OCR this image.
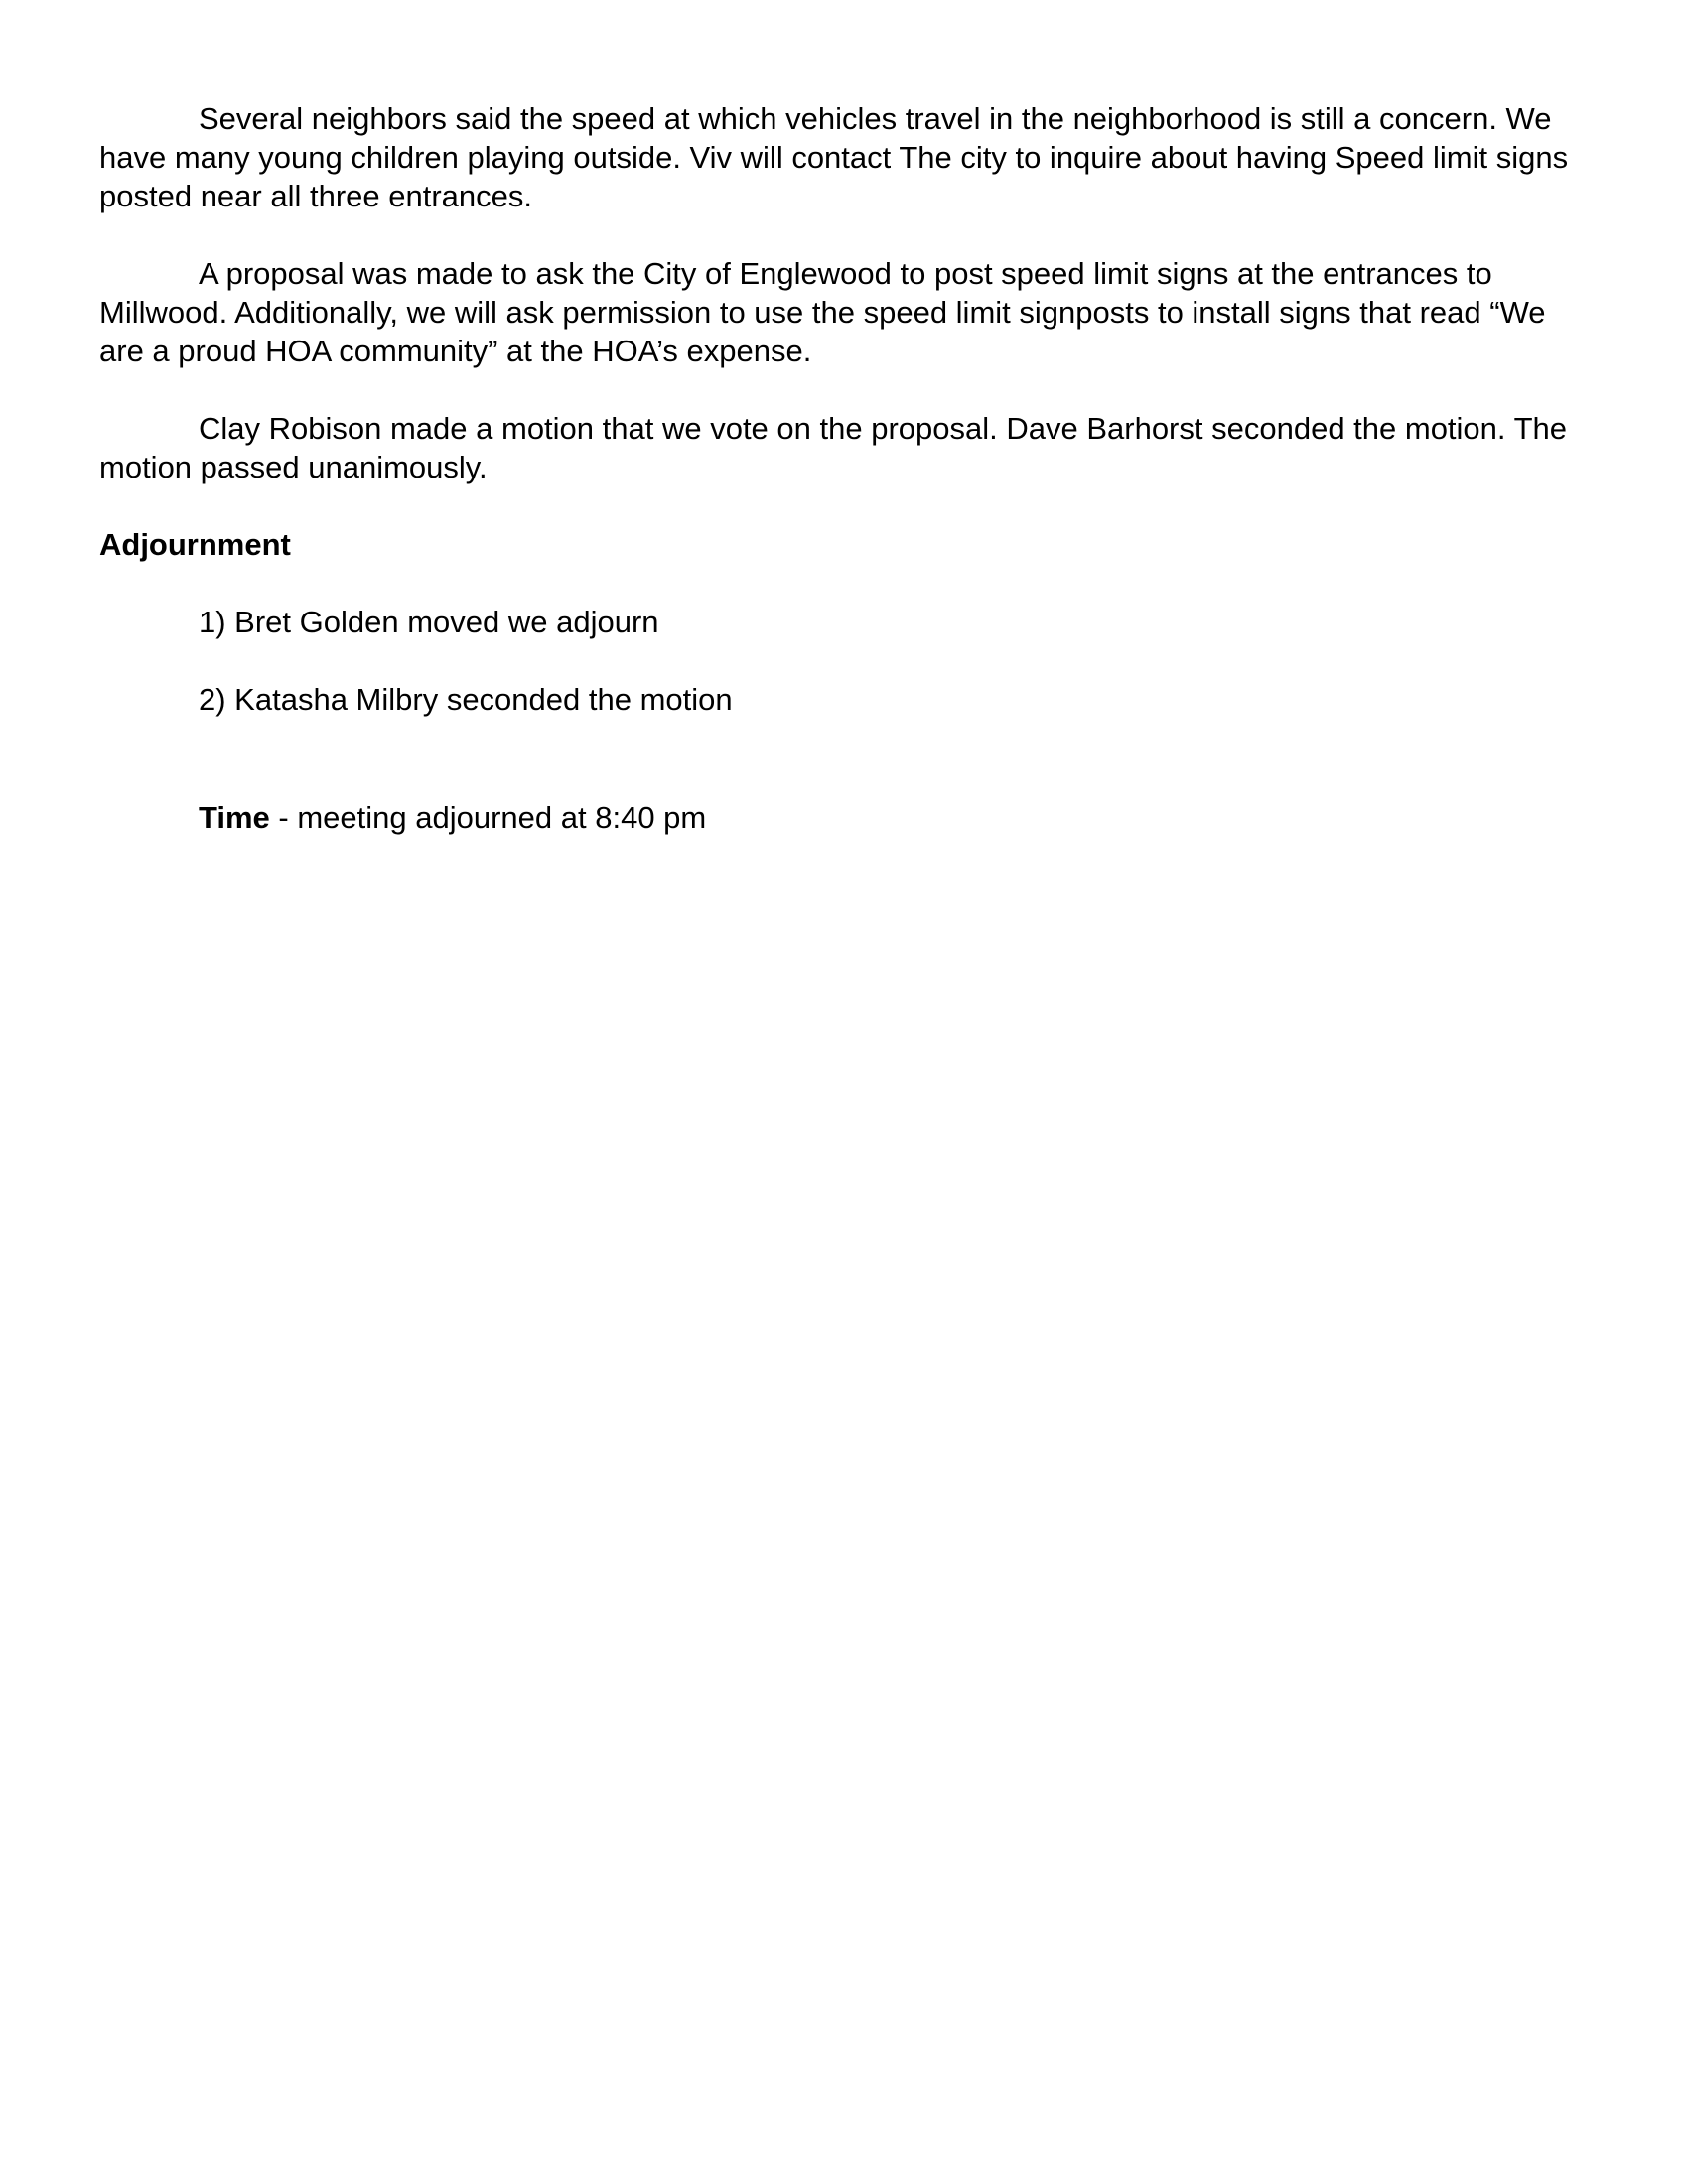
Several neighbors said the speed at which vehicles travel in the neighborhood is still a concern. We have many young children playing outside. Viv will contact The city to inquire about having Speed limit signs posted near all three entrances.

A proposal was made to ask the City of Englewood to post speed limit signs at the entrances to Millwood. Additionally, we will ask permission to use the speed limit signposts to install signs that read “We are a proud HOA community” at the HOA’s expense.

Clay Robison made a motion that we vote on the proposal. Dave Barhorst seconded the motion. The motion passed unanimously.

Adjournment
1) Bret Golden moved we adjourn
2) Katasha Milbry seconded the motion
Time - meeting adjourned at 8:40 pm
